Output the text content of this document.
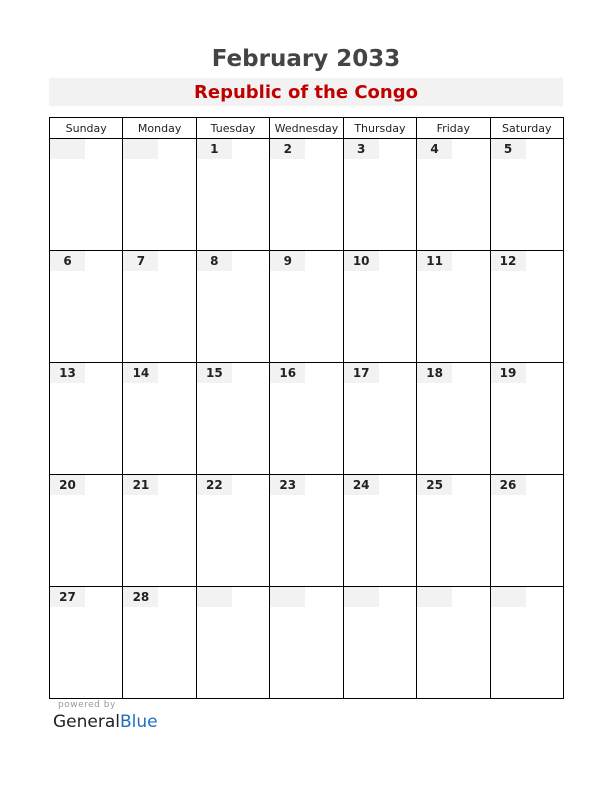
February 2033
Republic of the Congo
Sunday	Monday	Tuesday	Wednesday	Thursday	Friday	Saturday

		1	2	3	4	5

6	7	8	9	10	11	12

13	14	15	16	17	18	19

20	21	22	23	24	25	26

27	28					

powered by
GeneralBlue
